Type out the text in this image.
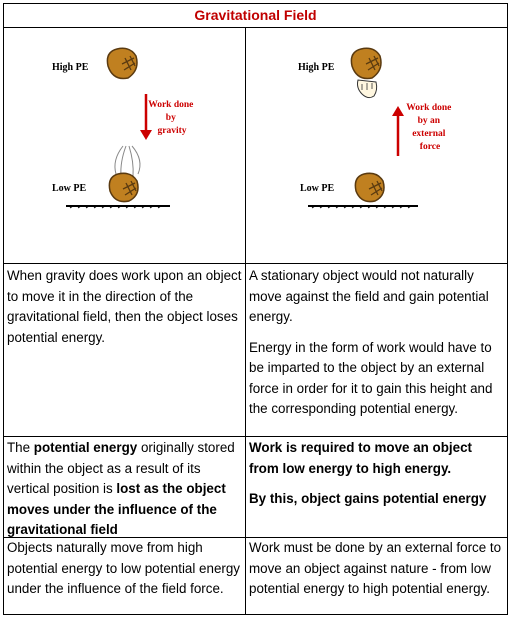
Gravitational Field
High PE
Work done by gravity
Low PE
High PE
Work done by an external force
Low PE

When gravity does work upon an object to move it in the direction of the gravitational field, then the object loses potential energy.

A stationary object would not naturally move against the field and gain potential energy.

Energy in the form of work would have to be imparted to the object by an external force in order for it to gain this height and the corresponding potential energy.

The potential energy originally stored within the object as a result of its vertical position is lost as the object moves under the influence of the gravitational field

Work is required to move an object from low energy to high energy.

By this, object gains potential energy

Objects naturally move from high potential energy to low potential energy under the influence of the field force.

Work must be done by an external force to move an object against nature - from low potential energy to high potential energy.
